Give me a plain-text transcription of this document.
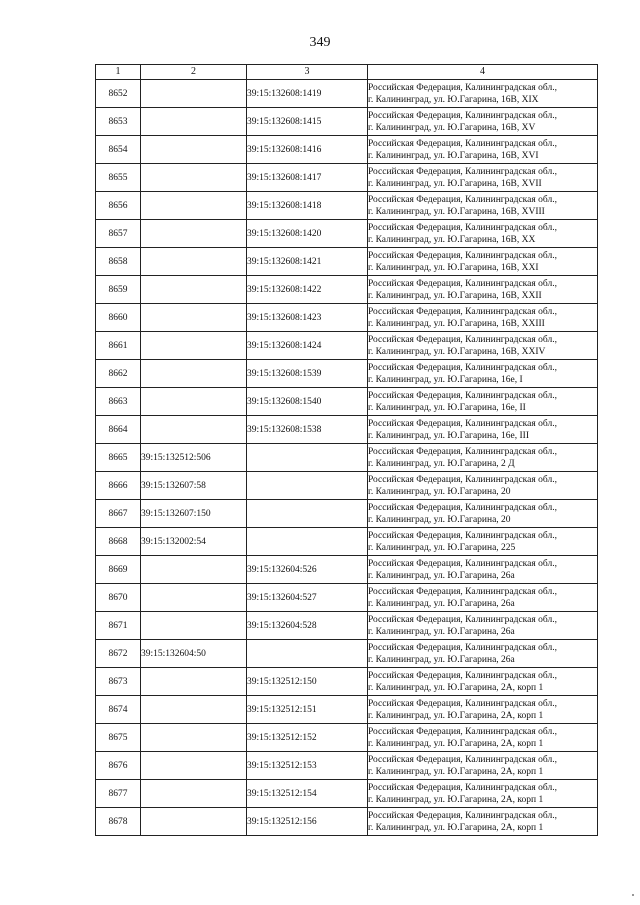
349
1	2	3	4
8652		39:15:132608:1419	Российская Федерация, Калининградская обл.,
г. Калининград, ул. Ю.Гагарина, 16В, XIX

8653		39:15:132608:1415	Российская Федерация, Калининградская обл.,
г. Калининград, ул. Ю.Гагарина, 16В, XV

8654		39:15:132608:1416	Российская Федерация, Калининградская обл.,
г. Калининград, ул. Ю.Гагарина, 16В, XVI

8655		39:15:132608:1417	Российская Федерация, Калининградская обл.,
г. Калининград, ул. Ю.Гагарина, 16В, XVII

8656		39:15:132608:1418	Российская Федерация, Калининградская обл.,
г. Калининград, ул. Ю.Гагарина, 16В, XVIII

8657		39:15:132608:1420	Российская Федерация, Калининградская обл.,
г. Калининград, ул. Ю.Гагарина, 16В, XX

8658		39:15:132608:1421	Российская Федерация, Калининградская обл.,
г. Калининград, ул. Ю.Гагарина, 16В, XXI

8659		39:15:132608:1422	Российская Федерация, Калининградская обл.,
г. Калининград, ул. Ю.Гагарина, 16В, XXII

8660		39:15:132608:1423	Российская Федерация, Калининградская обл.,
г. Калининград, ул. Ю.Гагарина, 16В, XXIII

8661		39:15:132608:1424	Российская Федерация, Калининградская обл.,
г. Калининград, ул. Ю.Гагарина, 16В, XXIV

8662		39:15:132608:1539	Российская Федерация, Калининградская обл.,
г. Калининград, ул. Ю.Гагарина, 16е, I

8663		39:15:132608:1540	Российская Федерация, Калининградская обл.,
г. Калининград, ул. Ю.Гагарина, 16е, II

8664		39:15:132608:1538	Российская Федерация, Калининградская обл.,
г. Калининград, ул. Ю.Гагарина, 16е, III

8665	39:15:132512:506		Российская Федерация, Калининградская обл.,
г. Калининград, ул. Ю.Гагарина, 2 Д

8666	39:15:132607:58		Российская Федерация, Калининградская обл.,
г. Калининград, ул. Ю.Гагарина, 20

8667	39:15:132607:150		Российская Федерация, Калининградская обл.,
г. Калининград, ул. Ю.Гагарина, 20

8668	39:15:132002:54		Российская Федерация, Калининградская обл.,
г. Калининград, ул. Ю.Гагарина, 225

8669		39:15:132604:526	Российская Федерация, Калининградская обл.,
г. Калининград, ул. Ю.Гагарина, 26а

8670		39:15:132604:527	Российская Федерация, Калининградская обл.,
г. Калининград, ул. Ю.Гагарина, 26а

8671		39:15:132604:528	Российская Федерация, Калининградская обл.,
г. Калининград, ул. Ю.Гагарина, 26а

8672	39:15:132604:50		Российская Федерация, Калининградская обл.,
г. Калининград, ул. Ю.Гагарина, 26а

8673		39:15:132512:150	Российская Федерация, Калининградская обл.,
г. Калининград, ул. Ю.Гагарина, 2А, корп 1

8674		39:15:132512:151	Российская Федерация, Калининградская обл.,
г. Калининград, ул. Ю.Гагарина, 2А, корп 1

8675		39:15:132512:152	Российская Федерация, Калининградская обл.,
г. Калининград, ул. Ю.Гагарина, 2А, корп 1

8676		39:15:132512:153	Российская Федерация, Калининградская обл.,
г. Калининград, ул. Ю.Гагарина, 2А, корп 1

8677		39:15:132512:154	Российская Федерация, Калининградская обл.,
г. Калининград, ул. Ю.Гагарина, 2А, корп 1

8678		39:15:132512:156	Российская Федерация, Калининградская обл.,
г. Калининград, ул. Ю.Гагарина, 2А, корп 1
